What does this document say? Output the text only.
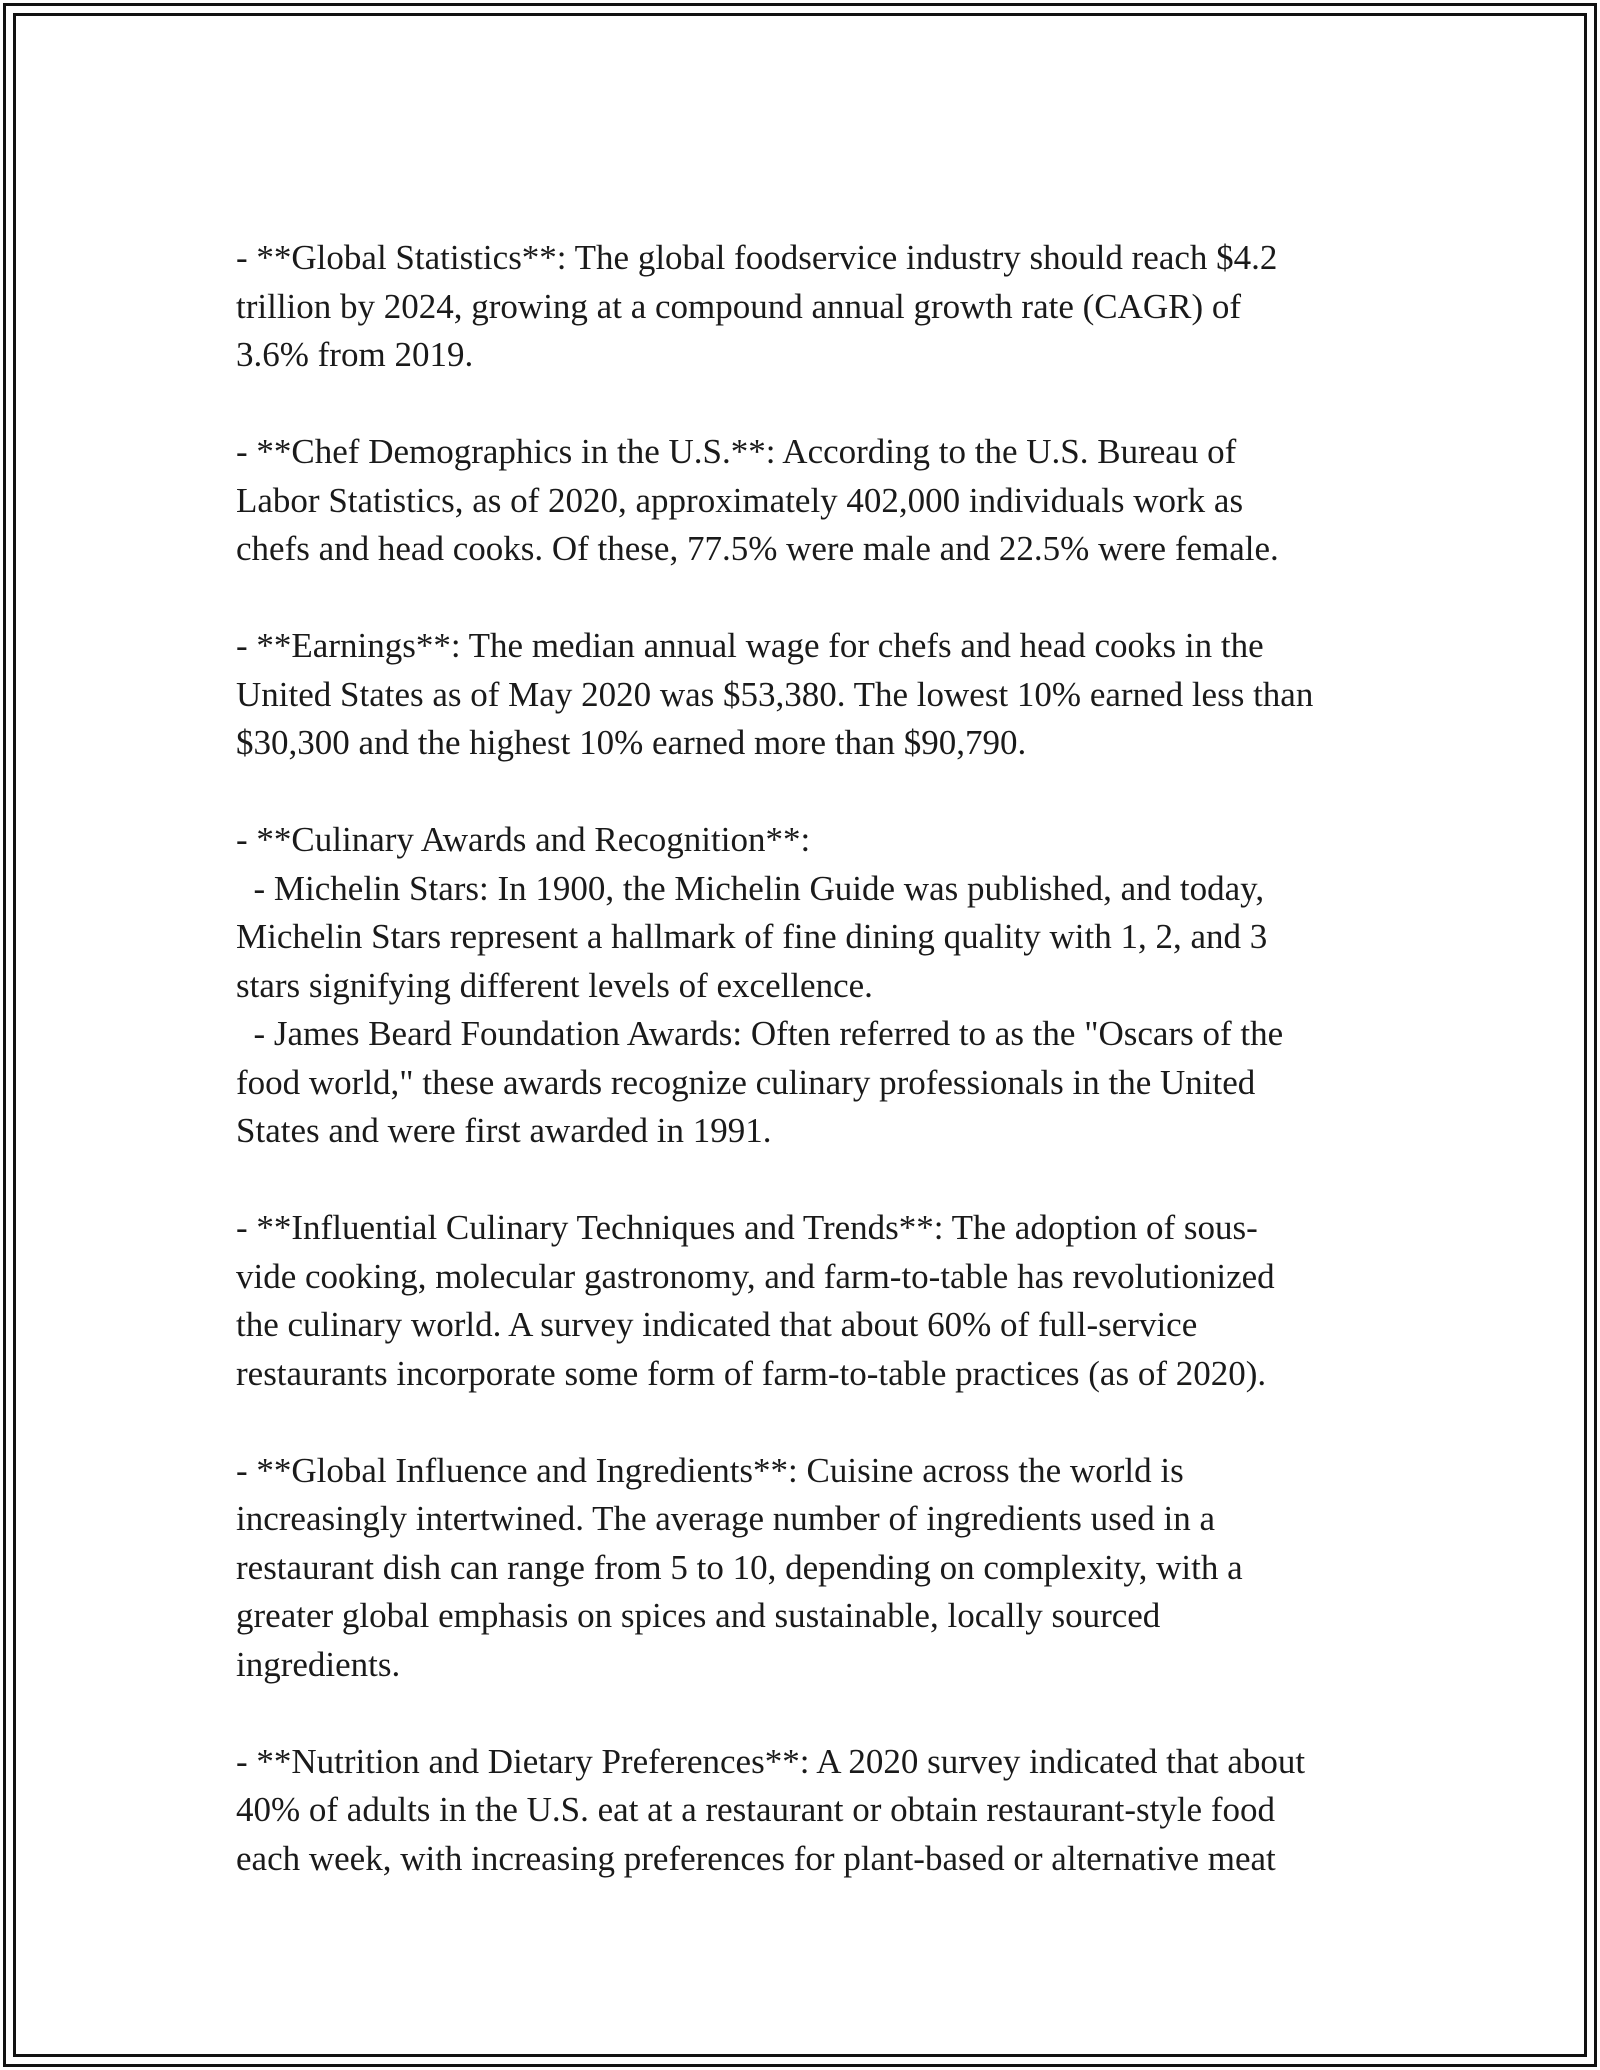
- **Global Statistics**: The global foodservice industry should reach $4.2
trillion by 2024, growing at a compound annual growth rate (CAGR) of
3.6% from 2019.
- **Chef Demographics in the U.S.**: According to the U.S. Bureau of
Labor Statistics, as of 2020, approximately 402,000 individuals work as
chefs and head cooks. Of these, 77.5% were male and 22.5% were female.
- **Earnings**: The median annual wage for chefs and head cooks in the
United States as of May 2020 was $53,380. The lowest 10% earned less than
$30,300 and the highest 10% earned more than $90,790.
- **Culinary Awards and Recognition**:
- Michelin Stars: In 1900, the Michelin Guide was published, and today,
Michelin Stars represent a hallmark of fine dining quality with 1, 2, and 3
stars signifying different levels of excellence.
- James Beard Foundation Awards: Often referred to as the "Oscars of the
food world," these awards recognize culinary professionals in the United
States and were first awarded in 1991.
- **Influential Culinary Techniques and Trends**: The adoption of sous-
vide cooking, molecular gastronomy, and farm-to-table has revolutionized
the culinary world. A survey indicated that about 60% of full-service
restaurants incorporate some form of farm-to-table practices (as of 2020).
- **Global Influence and Ingredients**: Cuisine across the world is
increasingly intertwined. The average number of ingredients used in a
restaurant dish can range from 5 to 10, depending on complexity, with a
greater global emphasis on spices and sustainable, locally sourced
ingredients.
- **Nutrition and Dietary Preferences**: A 2020 survey indicated that about
40% of adults in the U.S. eat at a restaurant or obtain restaurant-style food
each week, with increasing preferences for plant-based or alternative meat
